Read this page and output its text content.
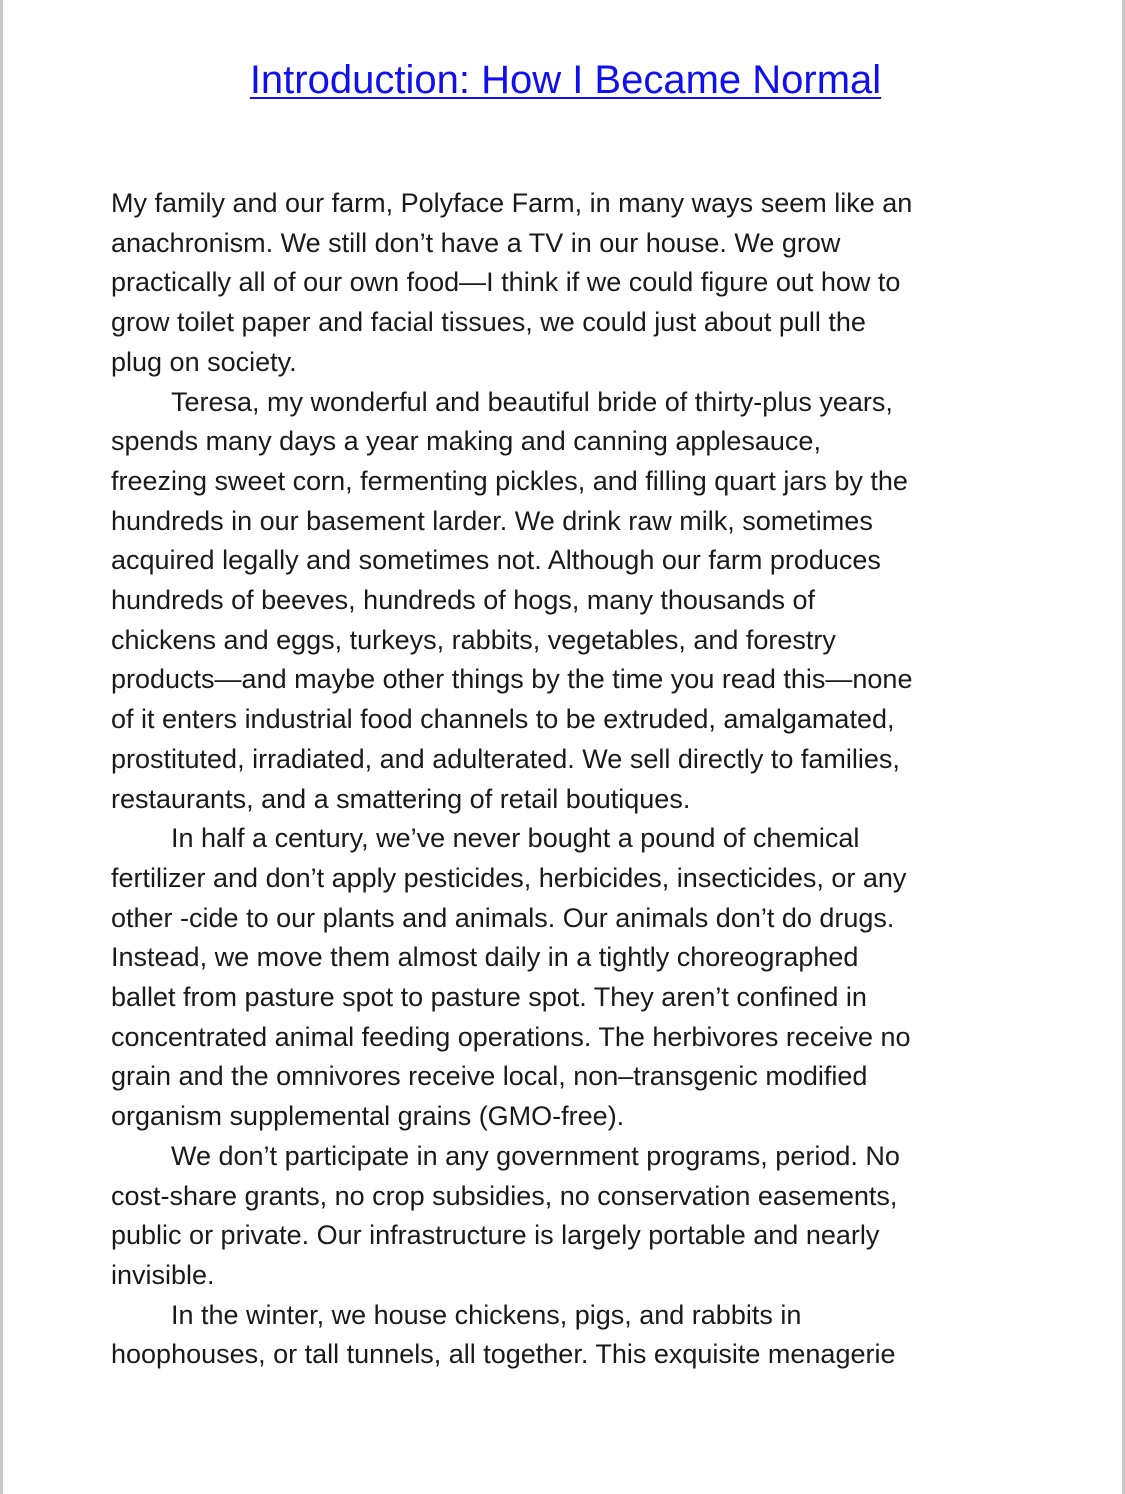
Introduction: How I Became Normal

My family and our farm, Polyface Farm, in many ways seem like an
anachronism. We still don’t have a TV in our house. We grow
practically all of our own food—I think if we could figure out how to
grow toilet paper and facial tissues, we could just about pull the
plug on society.

Teresa, my wonderful and beautiful bride of thirty-plus years,
spends many days a year making and canning applesauce,
freezing sweet corn, fermenting pickles, and filling quart jars by the
hundreds in our basement larder. We drink raw milk, sometimes
acquired legally and sometimes not. Although our farm produces
hundreds of beeves, hundreds of hogs, many thousands of
chickens and eggs, turkeys, rabbits, vegetables, and forestry
products—and maybe other things by the time you read this—none
of it enters industrial food channels to be extruded, amalgamated,
prostituted, irradiated, and adulterated. We sell directly to families,
restaurants, and a smattering of retail boutiques.

In half a century, we’ve never bought a pound of chemical
fertilizer and don’t apply pesticides, herbicides, insecticides, or any
other -cide to our plants and animals. Our animals don’t do drugs.
Instead, we move them almost daily in a tightly choreographed
ballet from pasture spot to pasture spot. They aren’t confined in
concentrated animal feeding operations. The herbivores receive no
grain and the omnivores receive local, non–transgenic modified
organism supplemental grains (GMO-free).

We don’t participate in any government programs, period. No
cost-share grants, no crop subsidies, no conservation easements,
public or private. Our infrastructure is largely portable and nearly
invisible.

In the winter, we house chickens, pigs, and rabbits in
hoophouses, or tall tunnels, all together. This exquisite menagerie
